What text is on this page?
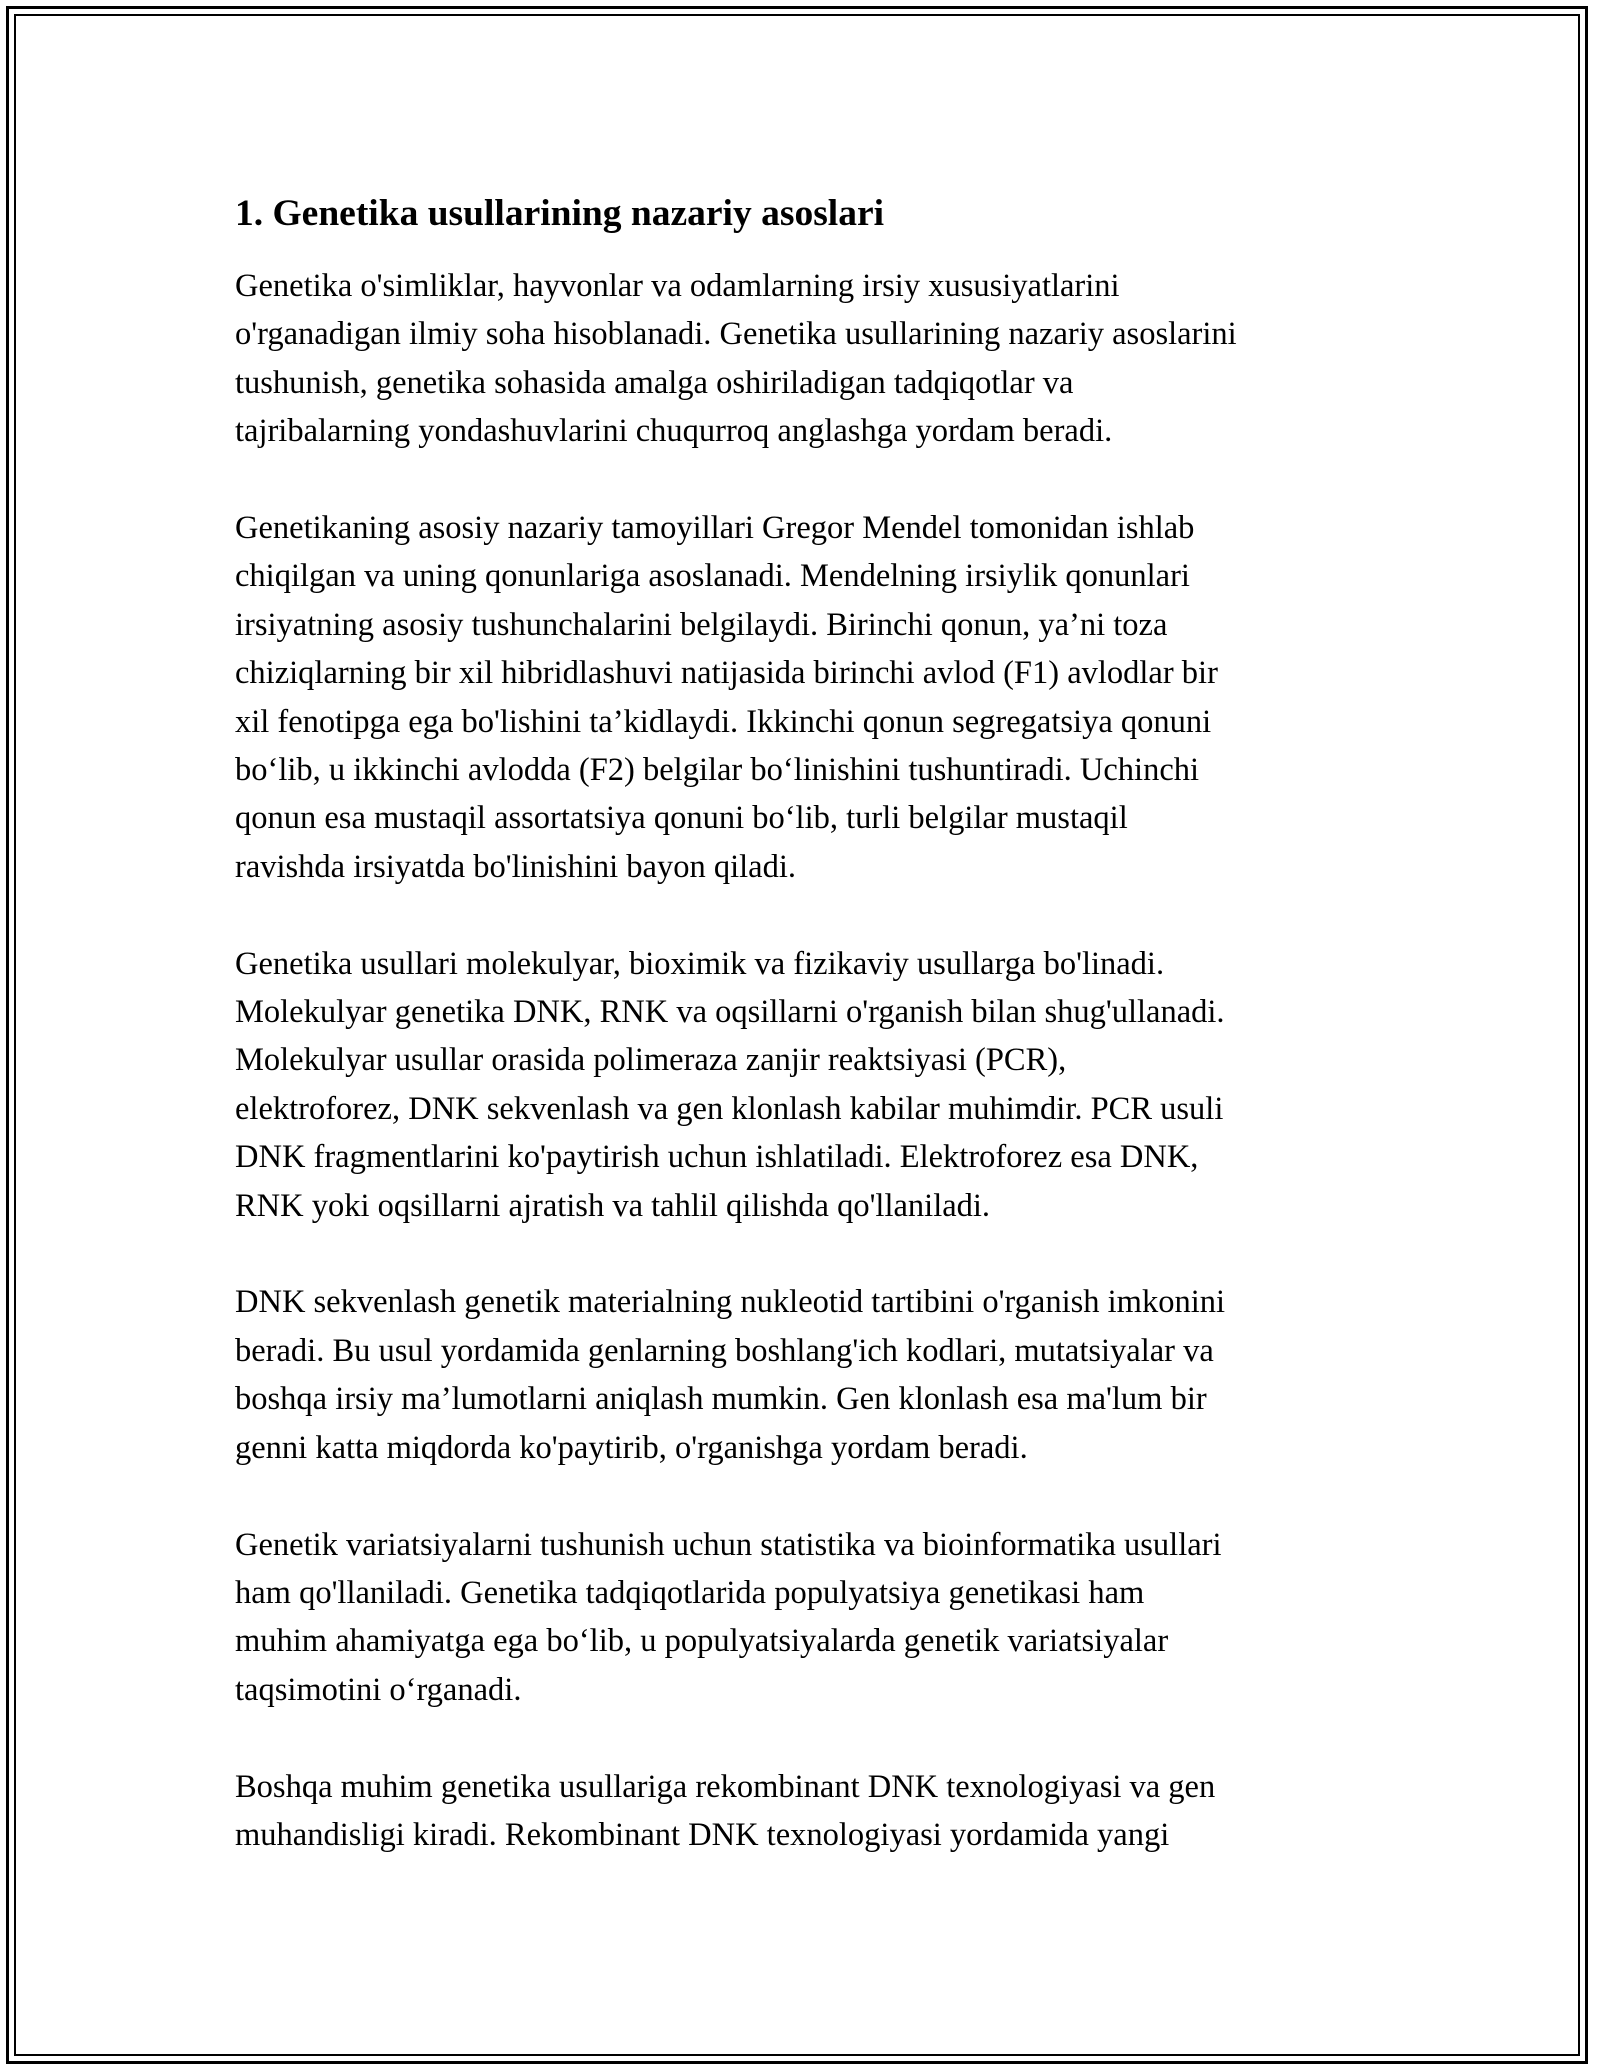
1. Genetika usullarining nazariy asoslari

Genetika o'simliklar, hayvonlar va odamlarning irsiy xususiyatlarini
o'rganadigan ilmiy soha hisoblanadi. Genetika usullarining nazariy asoslarini
tushunish, genetika sohasida amalga oshiriladigan tadqiqotlar va
tajribalarning yondashuvlarini chuqurroq anglashga yordam beradi.

Genetikaning asosiy nazariy tamoyillari Gregor Mendel tomonidan ishlab
chiqilgan va uning qonunlariga asoslanadi. Mendelning irsiylik qonunlari
irsiyatning asosiy tushunchalarini belgilaydi. Birinchi qonun, ya’ni toza
chiziqlarning bir xil hibridlashuvi natijasida birinchi avlod (F1) avlodlar bir
xil fenotipga ega bo'lishini ta’kidlaydi. Ikkinchi qonun segregatsiya qonuni
bo‘lib, u ikkinchi avlodda (F2) belgilar bo‘linishini tushuntiradi. Uchinchi
qonun esa mustaqil assortatsiya qonuni bo‘lib, turli belgilar mustaqil
ravishda irsiyatda bo'linishini bayon qiladi.

Genetika usullari molekulyar, bioximik va fizikaviy usullarga bo'linadi.
Molekulyar genetika DNK, RNK va oqsillarni o'rganish bilan shug'ullanadi.
Molekulyar usullar orasida polimeraza zanjir reaktsiyasi (PCR),
elektroforez, DNK sekvenlash va gen klonlash kabilar muhimdir. PCR usuli
DNK fragmentlarini ko'paytirish uchun ishlatiladi. Elektroforez esa DNK,
RNK yoki oqsillarni ajratish va tahlil qilishda qo'llaniladi.

DNK sekvenlash genetik materialning nukleotid tartibini o'rganish imkonini
beradi. Bu usul yordamida genlarning boshlang'ich kodlari, mutatsiyalar va
boshqa irsiy ma’lumotlarni aniqlash mumkin. Gen klonlash esa ma'lum bir
genni katta miqdorda ko'paytirib, o'rganishga yordam beradi.

Genetik variatsiyalarni tushunish uchun statistika va bioinformatika usullari
ham qo'llaniladi. Genetika tadqiqotlarida populyatsiya genetikasi ham
muhim ahamiyatga ega bo‘lib, u populyatsiyalarda genetik variatsiyalar
taqsimotini o‘rganadi.

Boshqa muhim genetika usullariga rekombinant DNK texnologiyasi va gen
muhandisligi kiradi. Rekombinant DNK texnologiyasi yordamida yangi
